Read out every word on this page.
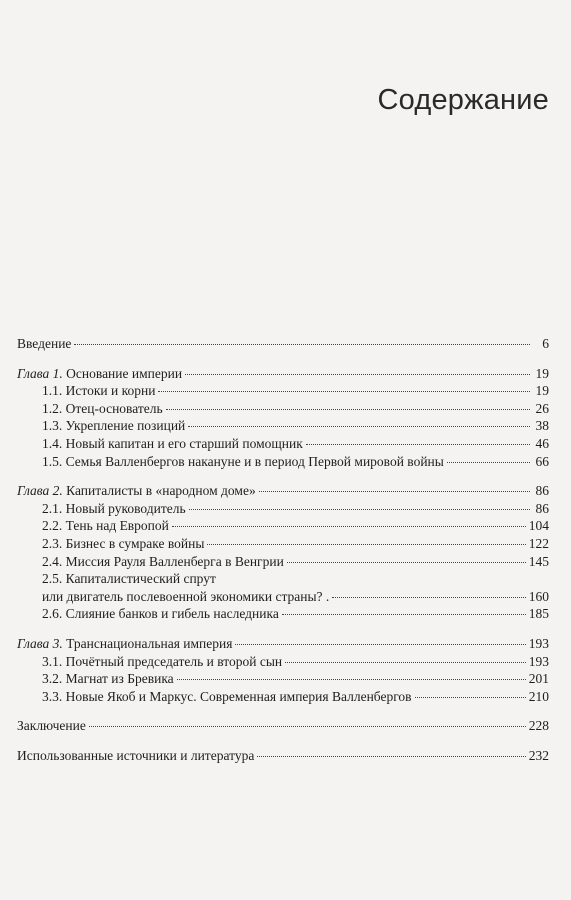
Содержание
Введение	6
Глава 1. Основание империи	19
1.1. Истоки и корни	19
1.2. Отец-основатель	26
1.3. Укрепление позиций	38
1.4. Новый капитан и его старший помощник	46
1.5. Семья Валленбергов накануне и в период Первой мировой войны	66
Глава 2. Капиталисты в «народном доме»	86
2.1. Новый руководитель	86
2.2. Тень над Европой	104
2.3. Бизнес в сумраке войны	122
2.4. Миссия Рауля Валленберга в Венгрии	145
2.5. Капиталистический спрут
или двигатель послевоенной экономики страны? .	160
2.6. Слияние банков и гибель наследника	185
Глава 3. Транснациональная империя	193
3.1. Почётный председатель и второй сын	193
3.2. Магнат из Бревика	201
3.3. Новые Якоб и Маркус. Современная империя Валленбергов	210
Заключение	228
Использованные источники и литература	232
